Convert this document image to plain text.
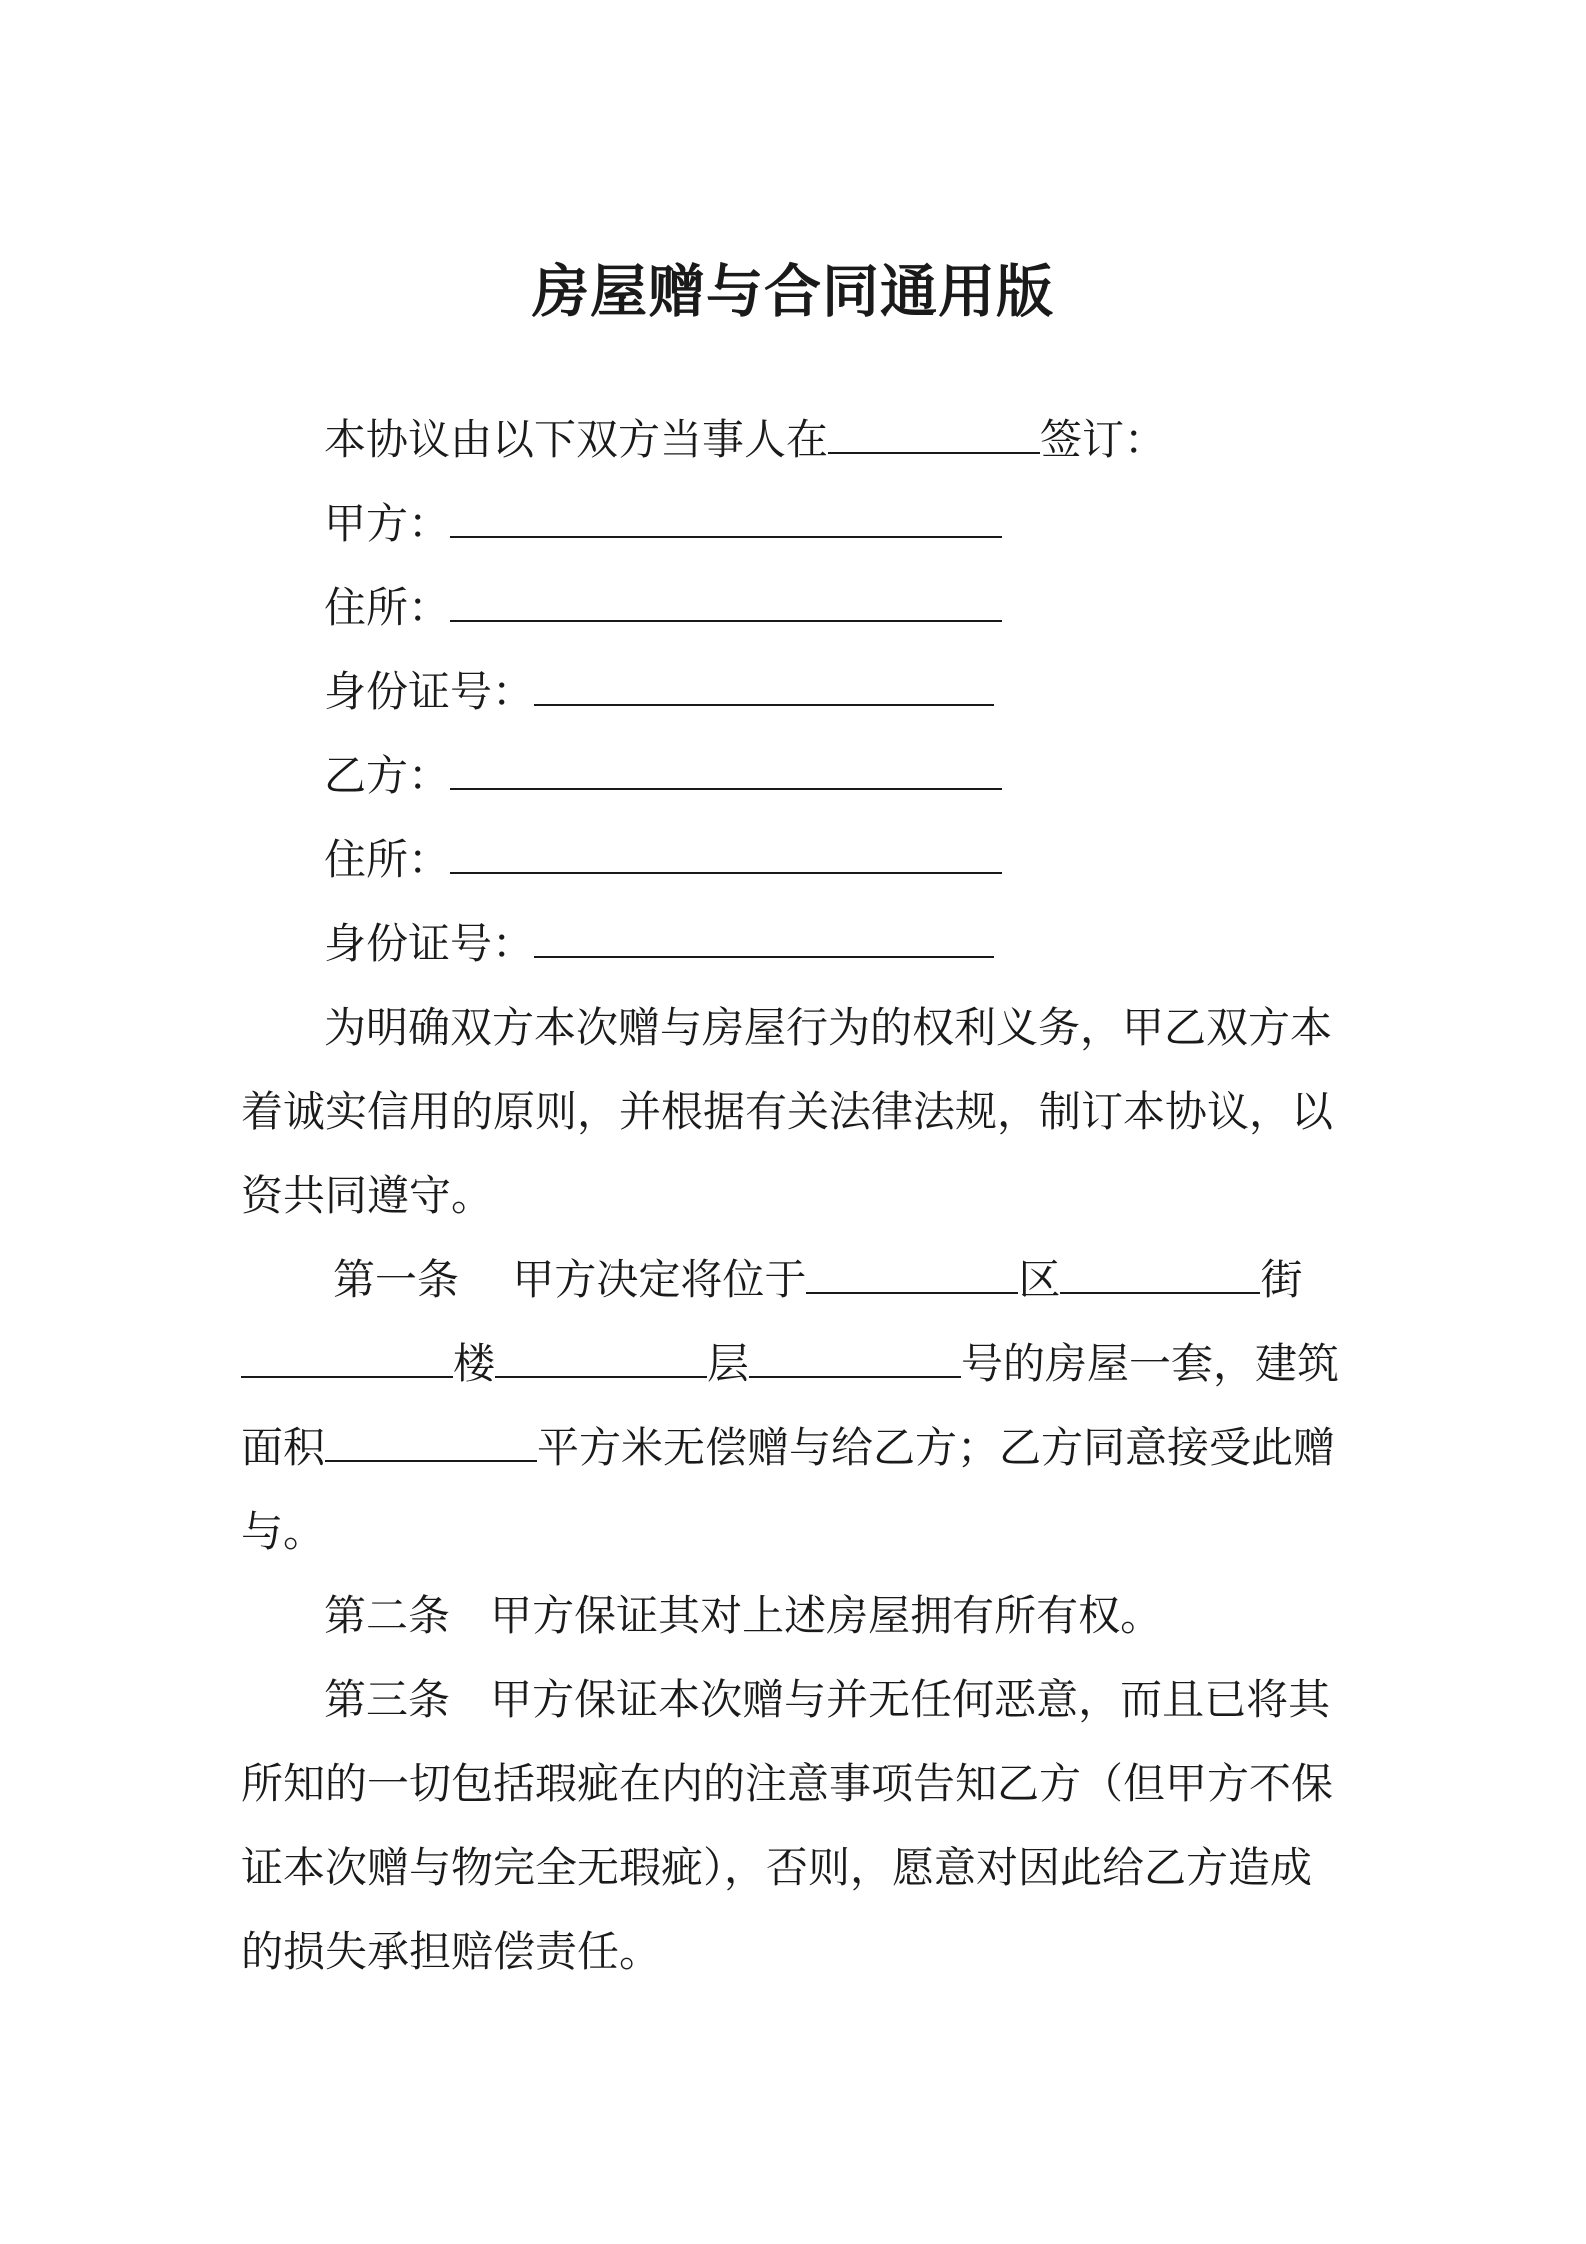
房屋赠与合同通用版

本协议由以下双方当事人在	签订：

甲方：

住所：

身份证号：

乙方：

住所：

身份证号：

为明确双方本次赠与房屋行为的权利义务，甲乙双方本

着诚实信用的原则，并根据有关法律法规，制订本协议，以

资共同遵守。

第一条 甲方决定将位于	区	街

楼	层	号的房屋一套，建筑

面积	平方米无偿赠与给乙方；乙方同意接受此赠

与。

第二条 甲方保证其对上述房屋拥有所有权。

第三条 甲方保证本次赠与并无任何恶意，而且已将其

所知的一切包括瑕疵在内的注意事项告知乙方（但甲方不保

证本次赠与物完全无瑕疵），否则，愿意对因此给乙方造成

的损失承担赔偿责任。
